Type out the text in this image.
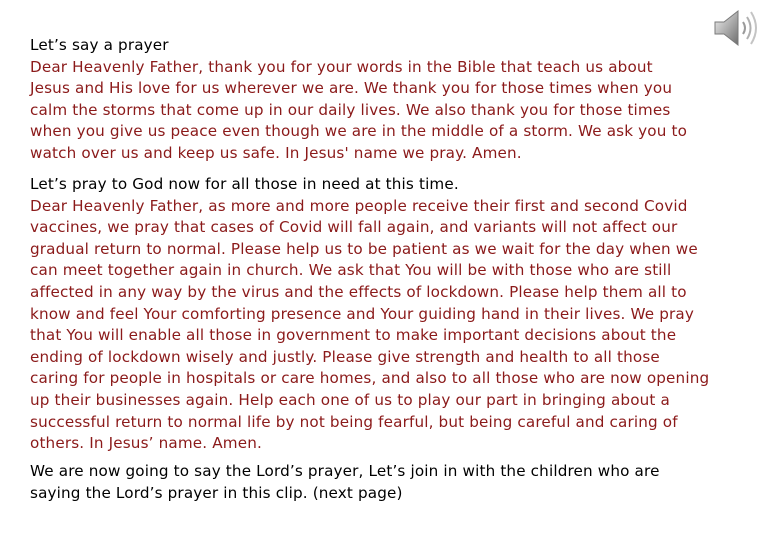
Let’s say a prayer
Dear Heavenly Father, thank you for your words in the Bible that teach us about
Jesus and His love for us wherever we are. We thank you for those times when you
calm the storms that come up in our daily lives. We also thank you for those times
when you give us peace even though we are in the middle of a storm. We ask you to
watch over us and keep us safe. In Jesus' name we pray. Amen.
Let’s pray to God now for all those in need at this time.
Dear Heavenly Father, as more and more people receive their first and second Covid
vaccines, we pray that cases of Covid will fall again, and variants will not affect our
gradual return to normal. Please help us to be patient as we wait for the day when we
can meet together again in church. We ask that You will be with those who are still
affected in any way by the virus and the effects of lockdown. Please help them all to
know and feel Your comforting presence and Your guiding hand in their lives. We pray
that You will enable all those in government to make important decisions about the
ending of lockdown wisely and justly. Please give strength and health to all those
caring for people in hospitals or care homes, and also to all those who are now opening
up their businesses again. Help each one of us to play our part in bringing about a
successful return to normal life by not being fearful, but being careful and caring of
others. In Jesus’ name. Amen.
We are now going to say the Lord’s prayer, Let’s join in with the children who are
saying the Lord’s prayer in this clip. (next page)
